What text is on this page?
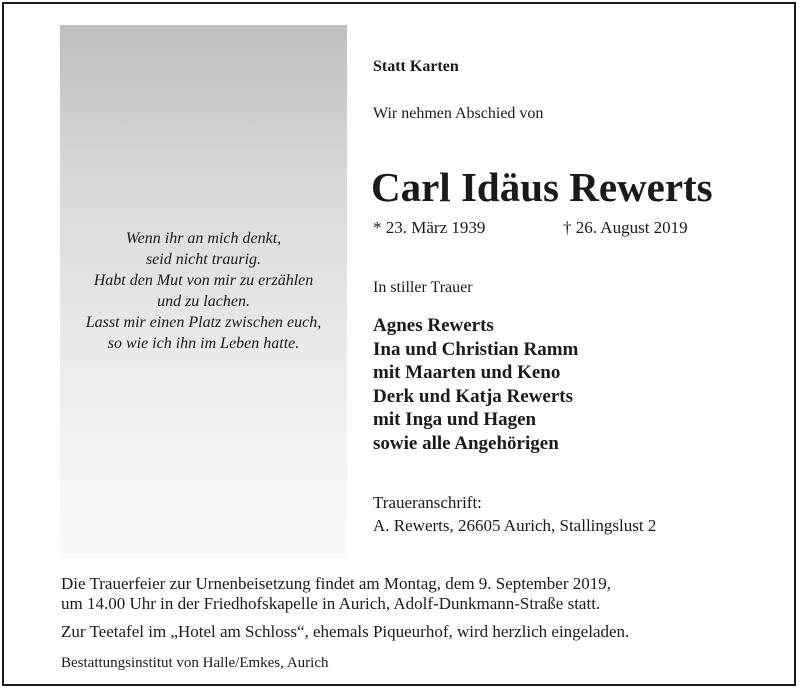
Wenn ihr an mich denkt,
seid nicht traurig.
Habt den Mut von mir zu erzählen
und zu lachen.
Lasst mir einen Platz zwischen euch,
so wie ich ihn im Leben hatte.
Statt Karten
Wir nehmen Abschied von
Carl Idäus Rewerts
* 23. März 1939	† 26. August 2019
In stiller Trauer
Agnes Rewerts
Ina und Christian Ramm
mit Maarten und Keno
Derk und Katja Rewerts
mit Inga und Hagen
sowie alle Angehörigen
Traueranschrift:
A. Rewerts, 26605 Aurich, Stallingslust 2
Die Trauerfeier zur Urnenbeisetzung findet am Montag, dem 9. September 2019,
um 14.00 Uhr in der Friedhofskapelle in Aurich, Adolf-Dunkmann-Straße statt.
Zur Teetafel im „Hotel am Schloss“, ehemals Piqueurhof, wird herzlich eingeladen.
Bestattungsinstitut von Halle/Emkes, Aurich
